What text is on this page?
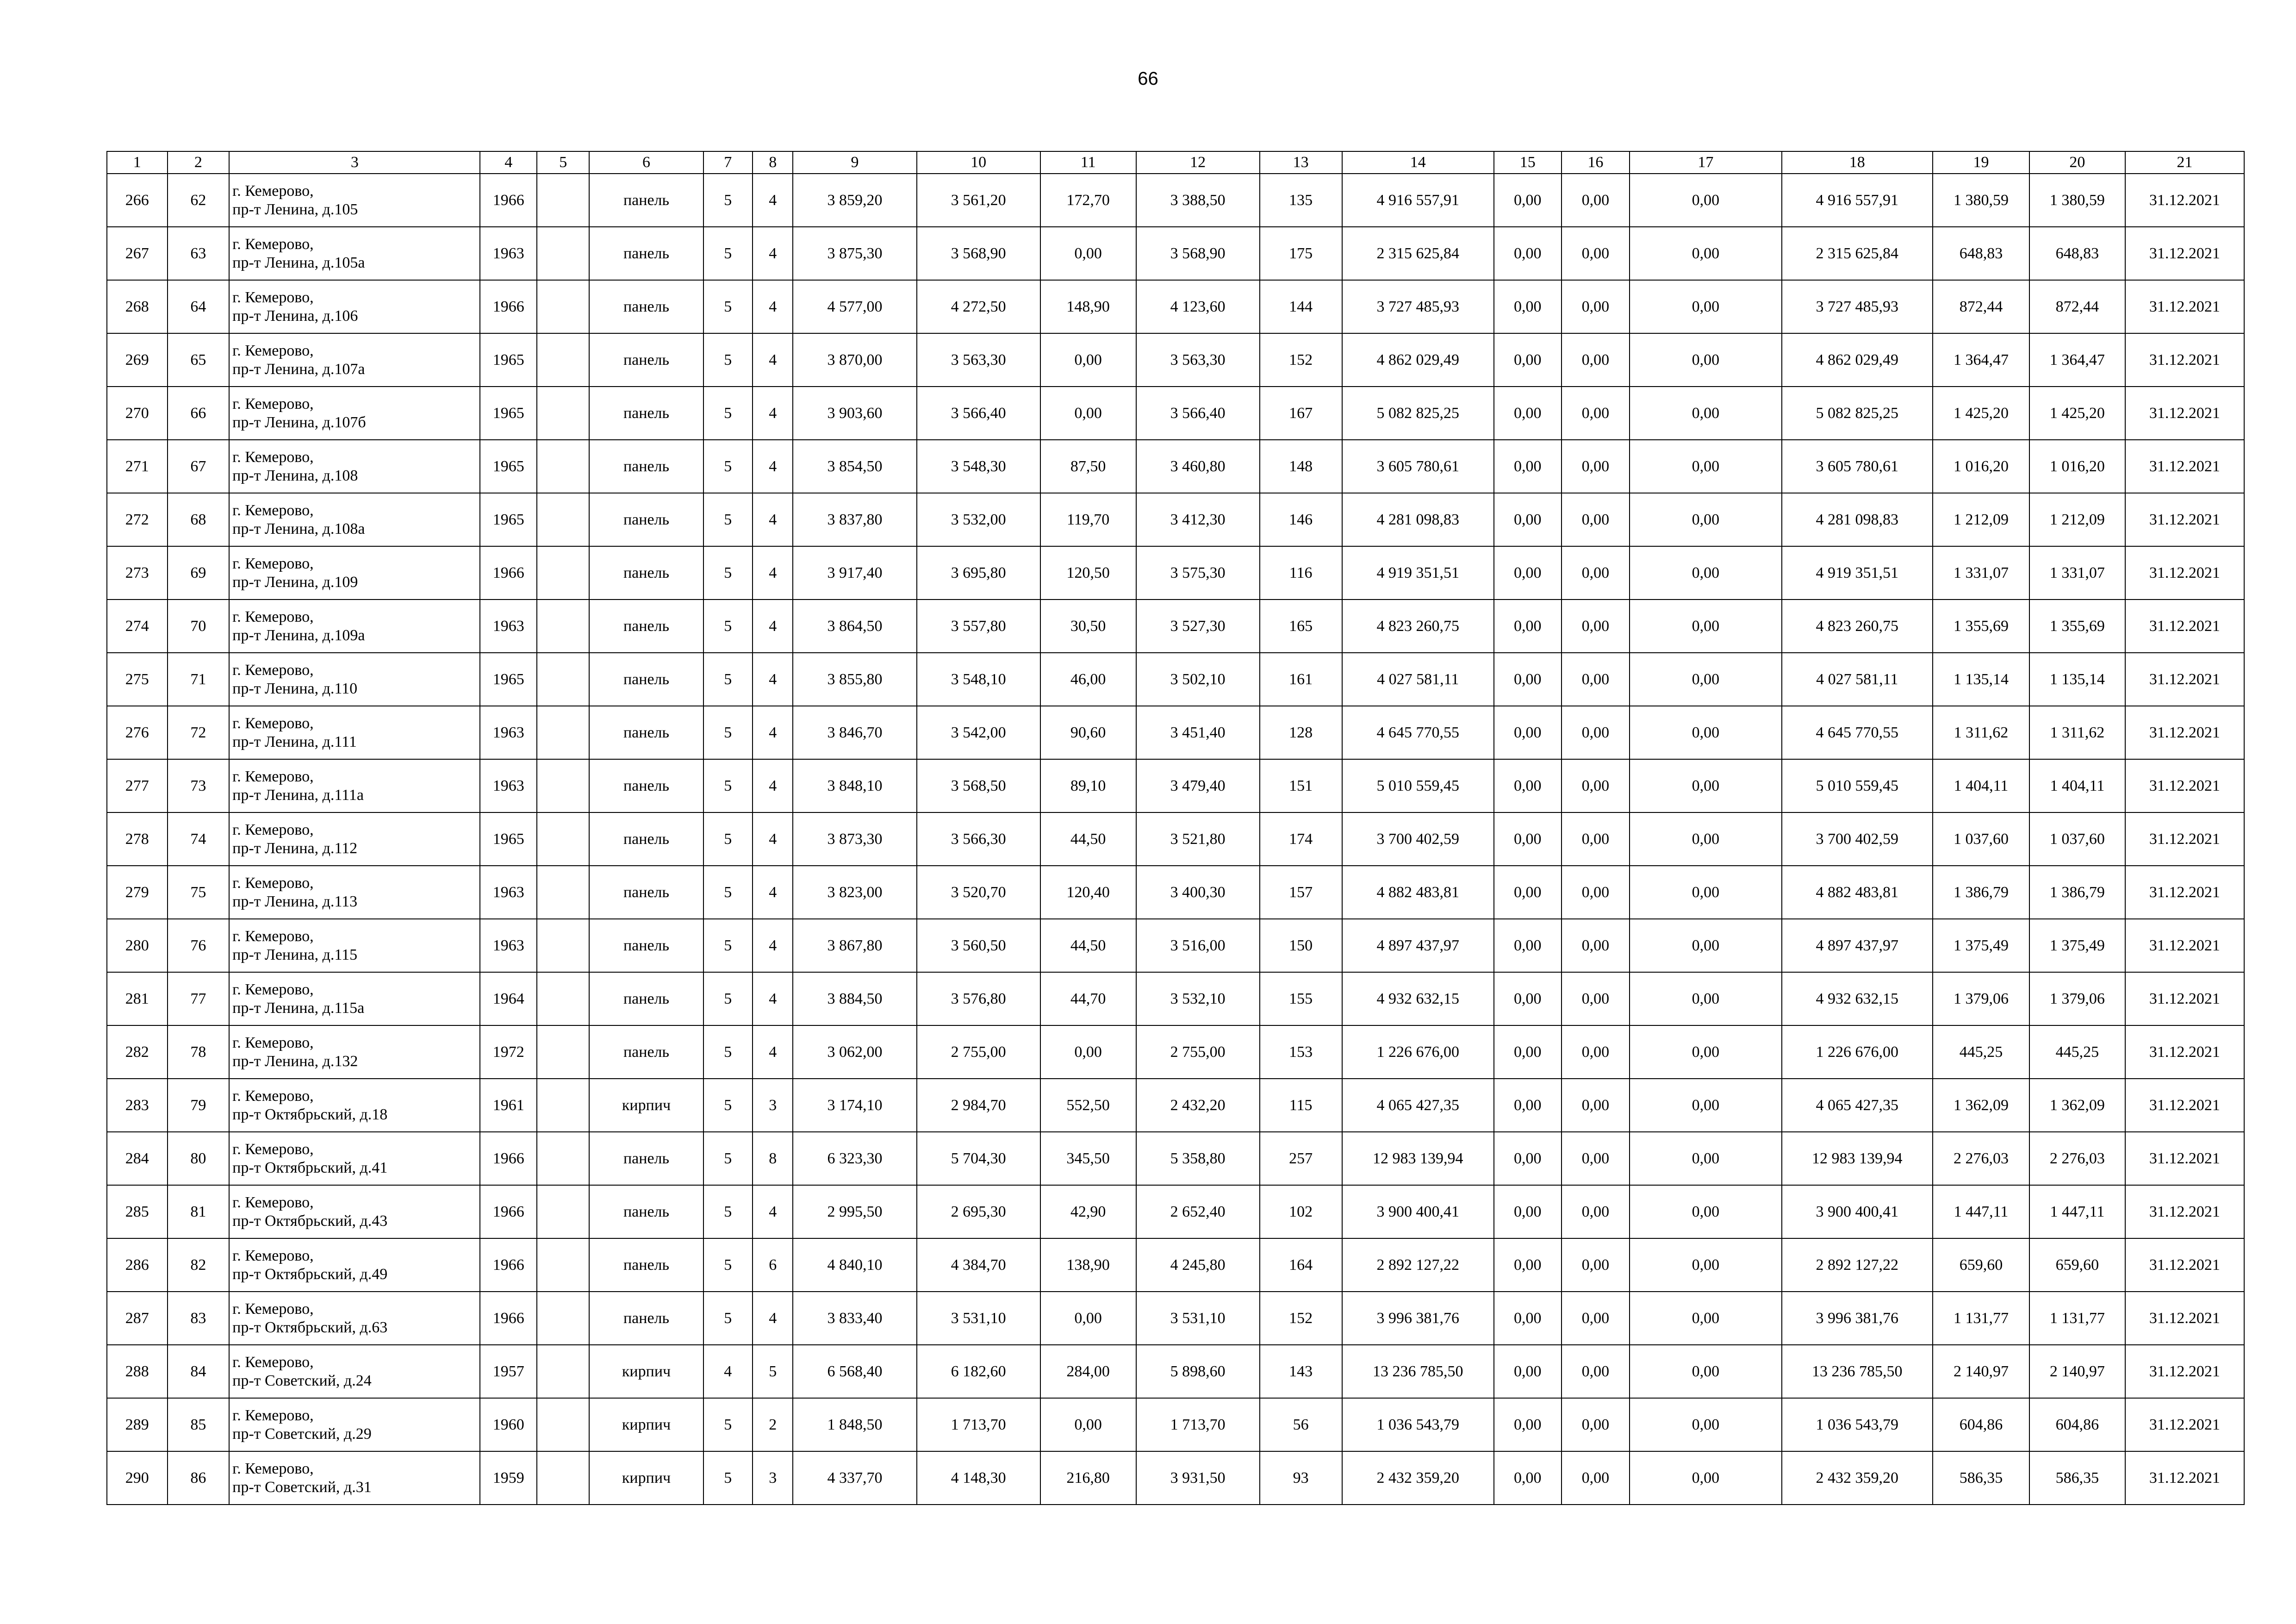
66
1	2	3	4	5	6	7	8	9	10	11	12	13	14	15	16	17	18	19	20	21
266	62	г. Кемерово,
пр-т Ленина, д.105	1966		панель	5	4	3 859,20	3 561,20	172,70	3 388,50	135	4 916 557,91	0,00	0,00	0,00	4 916 557,91	1 380,59	1 380,59	31.12.2021
267	63	г. Кемерово,
пр-т Ленина, д.105а	1963		панель	5	4	3 875,30	3 568,90	0,00	3 568,90	175	2 315 625,84	0,00	0,00	0,00	2 315 625,84	648,83	648,83	31.12.2021
268	64	г. Кемерово,
пр-т Ленина, д.106	1966		панель	5	4	4 577,00	4 272,50	148,90	4 123,60	144	3 727 485,93	0,00	0,00	0,00	3 727 485,93	872,44	872,44	31.12.2021
269	65	г. Кемерово,
пр-т Ленина, д.107а	1965		панель	5	4	3 870,00	3 563,30	0,00	3 563,30	152	4 862 029,49	0,00	0,00	0,00	4 862 029,49	1 364,47	1 364,47	31.12.2021
270	66	г. Кемерово,
пр-т Ленина, д.107б	1965		панель	5	4	3 903,60	3 566,40	0,00	3 566,40	167	5 082 825,25	0,00	0,00	0,00	5 082 825,25	1 425,20	1 425,20	31.12.2021
271	67	г. Кемерово,
пр-т Ленина, д.108	1965		панель	5	4	3 854,50	3 548,30	87,50	3 460,80	148	3 605 780,61	0,00	0,00	0,00	3 605 780,61	1 016,20	1 016,20	31.12.2021
272	68	г. Кемерово,
пр-т Ленина, д.108а	1965		панель	5	4	3 837,80	3 532,00	119,70	3 412,30	146	4 281 098,83	0,00	0,00	0,00	4 281 098,83	1 212,09	1 212,09	31.12.2021
273	69	г. Кемерово,
пр-т Ленина, д.109	1966		панель	5	4	3 917,40	3 695,80	120,50	3 575,30	116	4 919 351,51	0,00	0,00	0,00	4 919 351,51	1 331,07	1 331,07	31.12.2021
274	70	г. Кемерово,
пр-т Ленина, д.109а	1963		панель	5	4	3 864,50	3 557,80	30,50	3 527,30	165	4 823 260,75	0,00	0,00	0,00	4 823 260,75	1 355,69	1 355,69	31.12.2021
275	71	г. Кемерово,
пр-т Ленина, д.110	1965		панель	5	4	3 855,80	3 548,10	46,00	3 502,10	161	4 027 581,11	0,00	0,00	0,00	4 027 581,11	1 135,14	1 135,14	31.12.2021
276	72	г. Кемерово,
пр-т Ленина, д.111	1963		панель	5	4	3 846,70	3 542,00	90,60	3 451,40	128	4 645 770,55	0,00	0,00	0,00	4 645 770,55	1 311,62	1 311,62	31.12.2021
277	73	г. Кемерово,
пр-т Ленина, д.111а	1963		панель	5	4	3 848,10	3 568,50	89,10	3 479,40	151	5 010 559,45	0,00	0,00	0,00	5 010 559,45	1 404,11	1 404,11	31.12.2021
278	74	г. Кемерово,
пр-т Ленина, д.112	1965		панель	5	4	3 873,30	3 566,30	44,50	3 521,80	174	3 700 402,59	0,00	0,00	0,00	3 700 402,59	1 037,60	1 037,60	31.12.2021
279	75	г. Кемерово,
пр-т Ленина, д.113	1963		панель	5	4	3 823,00	3 520,70	120,40	3 400,30	157	4 882 483,81	0,00	0,00	0,00	4 882 483,81	1 386,79	1 386,79	31.12.2021
280	76	г. Кемерово,
пр-т Ленина, д.115	1963		панель	5	4	3 867,80	3 560,50	44,50	3 516,00	150	4 897 437,97	0,00	0,00	0,00	4 897 437,97	1 375,49	1 375,49	31.12.2021
281	77	г. Кемерово,
пр-т Ленина, д.115а	1964		панель	5	4	3 884,50	3 576,80	44,70	3 532,10	155	4 932 632,15	0,00	0,00	0,00	4 932 632,15	1 379,06	1 379,06	31.12.2021
282	78	г. Кемерово,
пр-т Ленина, д.132	1972		панель	5	4	3 062,00	2 755,00	0,00	2 755,00	153	1 226 676,00	0,00	0,00	0,00	1 226 676,00	445,25	445,25	31.12.2021
283	79	г. Кемерово,
пр-т Октябрьский, д.18	1961		кирпич	5	3	3 174,10	2 984,70	552,50	2 432,20	115	4 065 427,35	0,00	0,00	0,00	4 065 427,35	1 362,09	1 362,09	31.12.2021
284	80	г. Кемерово,
пр-т Октябрьский, д.41	1966		панель	5	8	6 323,30	5 704,30	345,50	5 358,80	257	12 983 139,94	0,00	0,00	0,00	12 983 139,94	2 276,03	2 276,03	31.12.2021
285	81	г. Кемерово,
пр-т Октябрьский, д.43	1966		панель	5	4	2 995,50	2 695,30	42,90	2 652,40	102	3 900 400,41	0,00	0,00	0,00	3 900 400,41	1 447,11	1 447,11	31.12.2021
286	82	г. Кемерово,
пр-т Октябрьский, д.49	1966		панель	5	6	4 840,10	4 384,70	138,90	4 245,80	164	2 892 127,22	0,00	0,00	0,00	2 892 127,22	659,60	659,60	31.12.2021
287	83	г. Кемерово,
пр-т Октябрьский, д.63	1966		панель	5	4	3 833,40	3 531,10	0,00	3 531,10	152	3 996 381,76	0,00	0,00	0,00	3 996 381,76	1 131,77	1 131,77	31.12.2021
288	84	г. Кемерово,
пр-т Советский, д.24	1957		кирпич	4	5	6 568,40	6 182,60	284,00	5 898,60	143	13 236 785,50	0,00	0,00	0,00	13 236 785,50	2 140,97	2 140,97	31.12.2021
289	85	г. Кемерово,
пр-т Советский, д.29	1960		кирпич	5	2	1 848,50	1 713,70	0,00	1 713,70	56	1 036 543,79	0,00	0,00	0,00	1 036 543,79	604,86	604,86	31.12.2021
290	86	г. Кемерово,
пр-т Советский, д.31	1959		кирпич	5	3	4 337,70	4 148,30	216,80	3 931,50	93	2 432 359,20	0,00	0,00	0,00	2 432 359,20	586,35	586,35	31.12.2021
